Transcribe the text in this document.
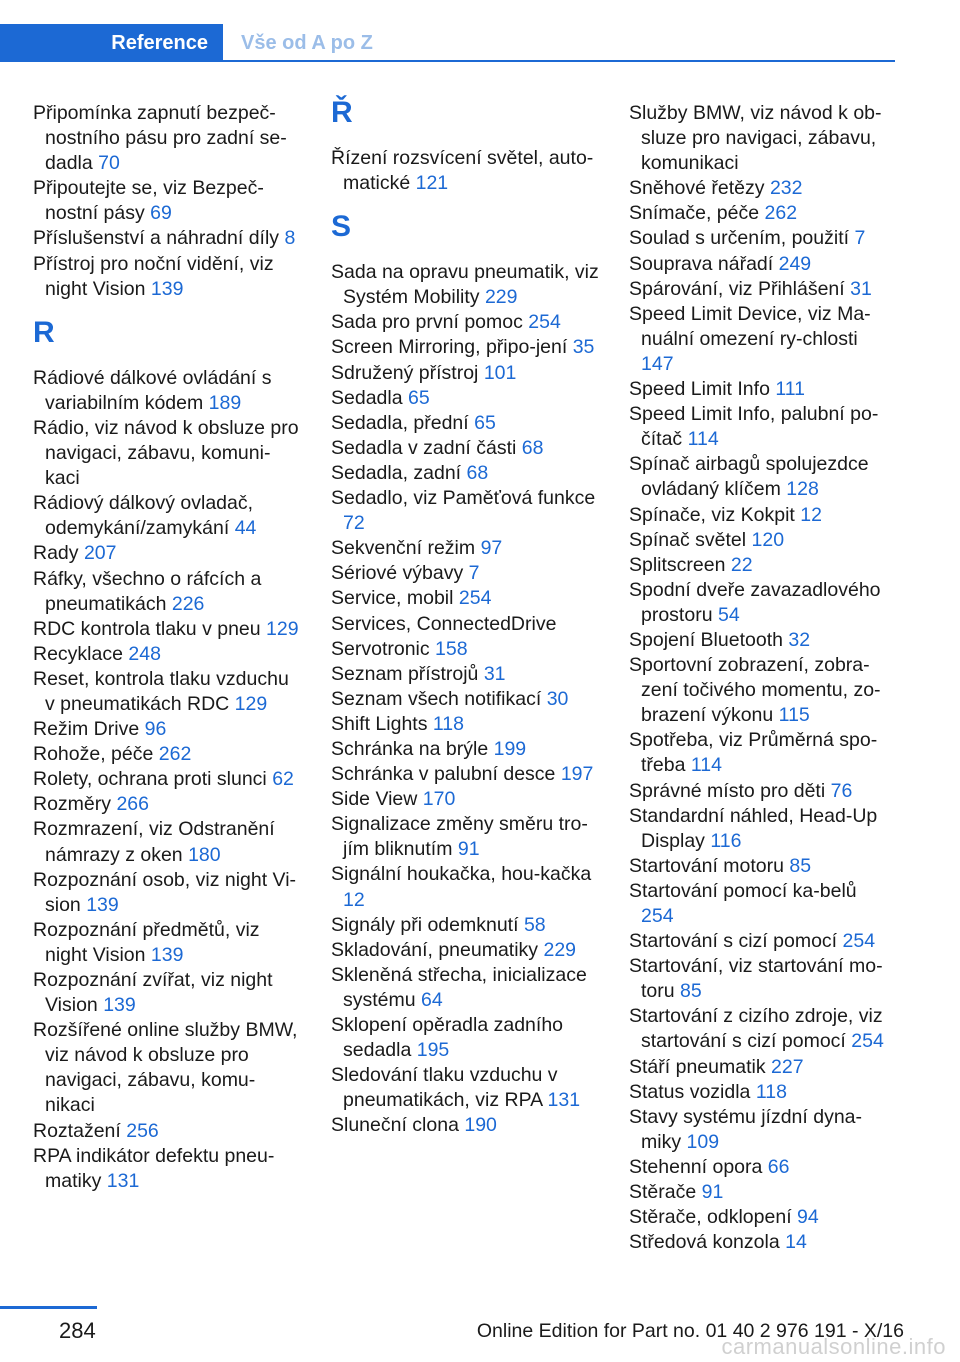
Reference	Vše od A po Z
Připomínka zapnutí bezpeč‐nostního pásu pro zadní se‐dadla 70
Připoutejte se, viz Bezpeč‐nostní pásy 69
Příslušenství a náhradní díly 8
Přístroj pro noční vidění, viz night Vision 139
R
Rádiové dálkové ovládání s variabilním kódem 189
Rádio, viz návod k obsluze pro navigaci, zábavu, komuni‐kaci
Rádiový dálkový ovladač, odemykání/zamykání 44
Rady 207
Ráfky, všechno o ráfcích a pneumatikách 226
RDC kontrola tlaku v pneu 129
Recyklace 248
Reset, kontrola tlaku vzduchu v pneumatikách RDC 129
Režim Drive 96
Rohože, péče 262
Rolety, ochrana proti slunci 62
Rozměry 266
Rozmrazení, viz Odstranění námrazy z oken 180
Rozpoznání osob, viz night Vi‐sion 139
Rozpoznání předmětů, viz night Vision 139
Rozpoznání zvířat, viz night Vision 139
Rozšířené online služby BMW, viz návod k obsluze pro navigaci, zábavu, komu‐nikaci
Roztažení 256
RPA indikátor defektu pneu‐matiky 131
Ř
Řízení rozsvícení světel, auto‐matické 121
S
Sada na opravu pneumatik, viz Systém Mobility 229
Sada pro první pomoc 254
Screen Mirroring, připo‐jení 35
Sdružený přístroj 101
Sedadla 65
Sedadla, přední 65
Sedadla v zadní části 68
Sedadla, zadní 68
Sedadlo, viz Paměťová funkce 72
Sekvenční režim 97
Sériové výbavy 7
Service, mobil 254
Services, ConnectedDrive
Servotronic 158
Seznam přístrojů 31
Seznam všech notifikací 30
Shift Lights 118
Schránka na brýle 199
Schránka v palubní desce 197
Side View 170
Signalizace změny směru tro‐jím bliknutím 91
Signální houkačka, hou‐kačka 12
Signály při odemknutí 58
Skladování, pneumatiky 229
Skleněná střecha, inicializace systému 64
Sklopení opěradla zadního sedadla 195
Sledování tlaku vzduchu v pneumatikách, viz RPA 131
Sluneční clona 190
Služby BMW, viz návod k ob‐sluze pro navigaci, zábavu, komunikaci
Sněhové řetězy 232
Snímače, péče 262
Soulad s určením, použití 7
Souprava nářadí 249
Spárování, viz Přihlášení 31
Speed Limit Device, viz Ma‐nuální omezení ry‐chlosti 147
Speed Limit Info 111
Speed Limit Info, palubní po‐čítač 114
Spínač airbagů spolujezdce ovládaný klíčem 128
Spínače, viz Kokpit 12
Spínač světel 120
Splitscreen 22
Spodní dveře zavazadlového prostoru 54
Spojení Bluetooth 32
Sportovní zobrazení, zobra‐zení točivého momentu, zo‐brazení výkonu 115
Spotřeba, viz Průměrná spo‐třeba 114
Správné místo pro děti 76
Standardní náhled, Head-Up Display 116
Startování motoru 85
Startování pomocí ka‐belů 254
Startování s cizí pomocí 254
Startování, viz startování mo‐toru 85
Startování z cizího zdroje, viz startování s cizí pomocí 254
Stáří pneumatik 227
Status vozidla 118
Stavy systému jízdní dyna‐miky 109
Stehenní opora 66
Stěrače 91
Stěrače, odklopení 94
Středová konzola 14
284	Online Edition for Part no. 01 40 2 976 191 - X/16
carmanualsonline.info
